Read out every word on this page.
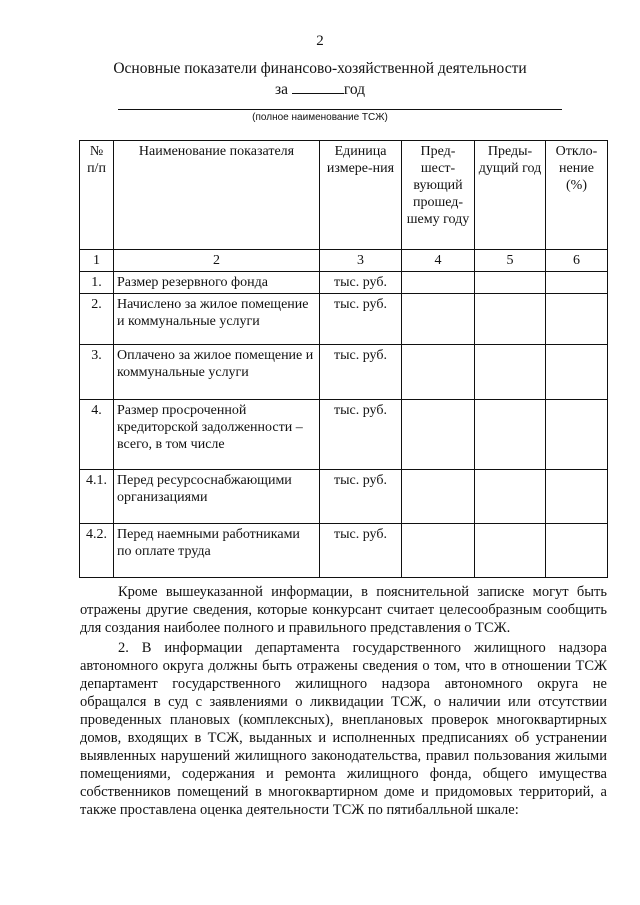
2
Основные показатели финансово-хозяйственной деятельности
за	год
(полное наименование ТСЖ)
№ п/п	Наименование показателя	Единица измере-ния	Пред-шест-вующий прошед-шему году	Преды-дущий год	Откло-нение (%)
1	2	3	4	5	6
1.	Размер резервного фонда	тыс. руб.			
2.	Начислено за жилое помещение и коммунальные услуги	тыс. руб.			
3.	Оплачено за жилое помещение и коммунальные услуги	тыс. руб.			
4.	Размер просроченной кредиторской задолженности – всего, в том числе	тыс. руб.			
4.1.	Перед ресурсоснабжающими организациями	тыс. руб.			
4.2.	Перед наемными работниками по оплате труда	тыс. руб.			
Кроме вышеуказанной информации, в пояснительной записке могут быть отражены другие сведения, которые конкурсант считает целесообразным сообщить для создания наиболее полного и правильного представления о ТСЖ.
2. В информации департамента государственного жилищного надзора автономного округа должны быть отражены сведения о том, что в отношении ТСЖ департамент государственного жилищного надзора автономного округа не обращался в суд с заявлениями о ликвидации ТСЖ, о наличии или отсутствии проведенных плановых (комплексных), внеплановых проверок многоквартирных домов, входящих в ТСЖ, выданных и исполненных предписаниях об устранении выявленных нарушений жилищного законодательства, правил пользования жилыми помещениями, содержания и ремонта жилищного фонда, общего имущества собственников помещений в многоквартирном доме и придомовых территорий, а также проставлена оценка деятельности ТСЖ по пятибалльной шкале:
